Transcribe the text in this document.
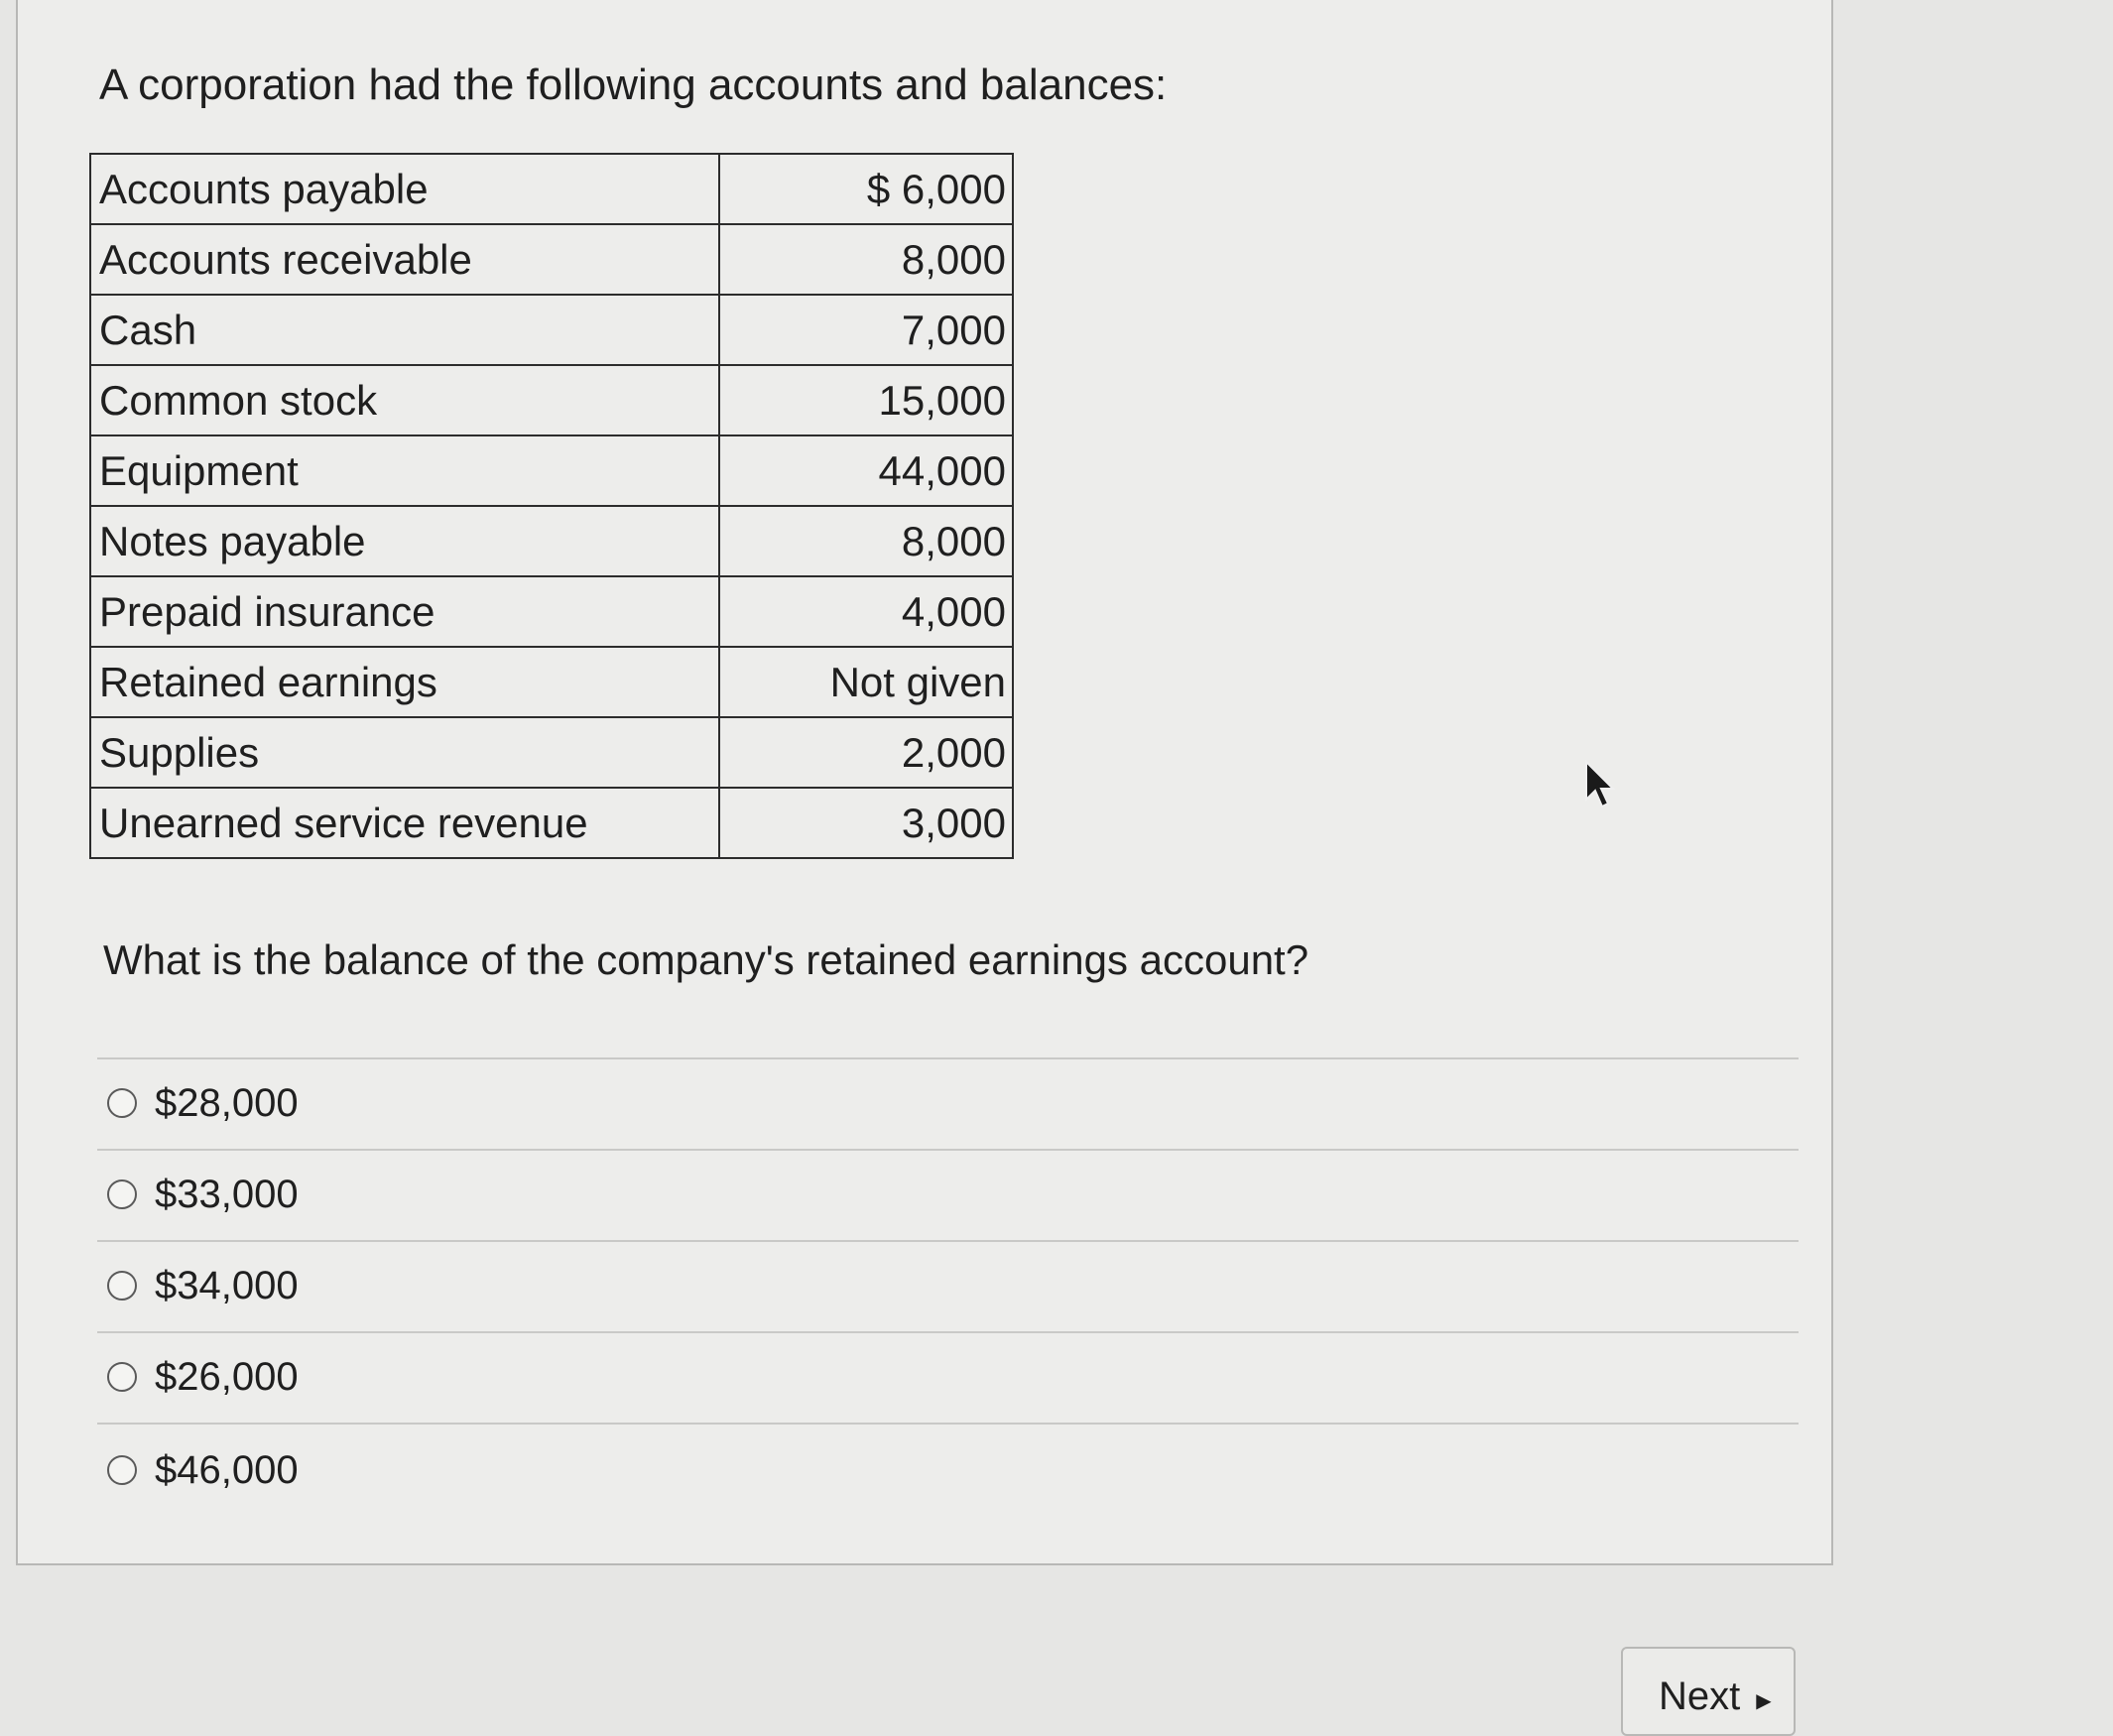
A corporation had the following accounts and balances:
Accounts payable	$ 6,000
Accounts receivable	8,000
Cash	7,000
Common stock	15,000
Equipment	44,000
Notes payable	8,000
Prepaid insurance	4,000
Retained earnings	Not given
Supplies	2,000
Unearned service revenue	3,000
What is the balance of the company's retained earnings account?
$28,000
$33,000
$34,000
$26,000
$46,000
Next ▶
